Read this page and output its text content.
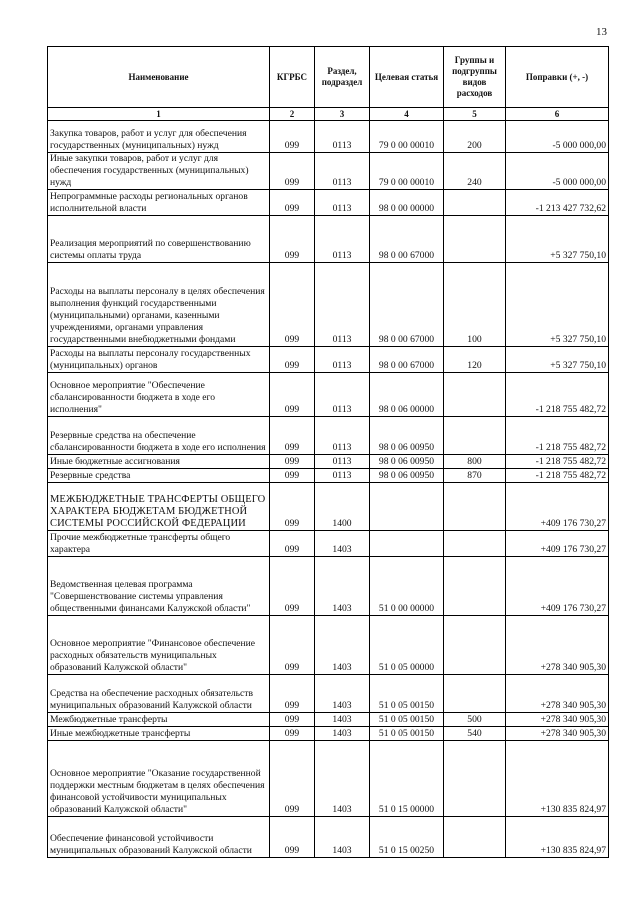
13
Наименование	КГРБС	Раздел, подраздел	Целевая статья	Группы и подгруппы видов расходов	Поправки (+, -)
1	2	3	4	5	6
Закупка товаров, работ и услуг для обеспечения государственных (муниципальных) нужд	099	0113	79 0 00 00010	200	-5 000 000,00
Иные закупки товаров, работ и услуг для обеспечения государственных (муниципальных) нужд	099	0113	79 0 00 00010	240	-5 000 000,00
Непрограммные расходы региональных органов исполнительной власти	099	0113	98 0 00 00000		-1 213 427 732,62
Реализация мероприятий по совершенствованию системы оплаты труда	099	0113	98 0 00 67000		+5 327 750,10
Расходы на выплаты персоналу в целях обеспечения выполнения функций государственными (муниципальными) органами, казенными учреждениями, органами управления государственными внебюджетными фондами	099	0113	98 0 00 67000	100	+5 327 750,10
Расходы на выплаты персоналу государственных (муниципальных) органов	099	0113	98 0 00 67000	120	+5 327 750,10
Основное мероприятие "Обеспечение сбалансированности бюджета в ходе его исполнения"	099	0113	98 0 06 00000		-1 218 755 482,72
Резервные средства на обеспечение сбалансированности бюджета в ходе его исполнения	099	0113	98 0 06 00950		-1 218 755 482,72
Иные бюджетные ассигнования	099	0113	98 0 06 00950	800	-1 218 755 482,72
Резервные средства	099	0113	98 0 06 00950	870	-1 218 755 482,72
МЕЖБЮДЖЕТНЫЕ ТРАНСФЕРТЫ ОБЩЕГО ХАРАКТЕРА БЮДЖЕТАМ БЮДЖЕТНОЙ СИСТЕМЫ РОССИЙСКОЙ ФЕДЕРАЦИИ	099	1400			+409 176 730,27
Прочие межбюджетные трансферты общего характера	099	1403			+409 176 730,27
Ведомственная целевая программа "Совершенствование системы управления общественными финансами Калужской области"	099	1403	51 0 00 00000		+409 176 730,27
Основное мероприятие "Финансовое обеспечение расходных обязательств муниципальных образований Калужской области"	099	1403	51 0 05 00000		+278 340 905,30
Средства на обеспечение расходных обязательств муниципальных образований Калужской области	099	1403	51 0 05 00150		+278 340 905,30
Межбюджетные трансферты	099	1403	51 0 05 00150	500	+278 340 905,30
Иные межбюджетные трансферты	099	1403	51 0 05 00150	540	+278 340 905,30
Основное мероприятие "Оказание государственной поддержки местным бюджетам в целях обеспечения финансовой устойчивости муниципальных образований Калужской области"	099	1403	51 0 15 00000		+130 835 824,97
Обеспечение финансовой устойчивости муниципальных образований Калужской области	099	1403	51 0 15 00250		+130 835 824,97
